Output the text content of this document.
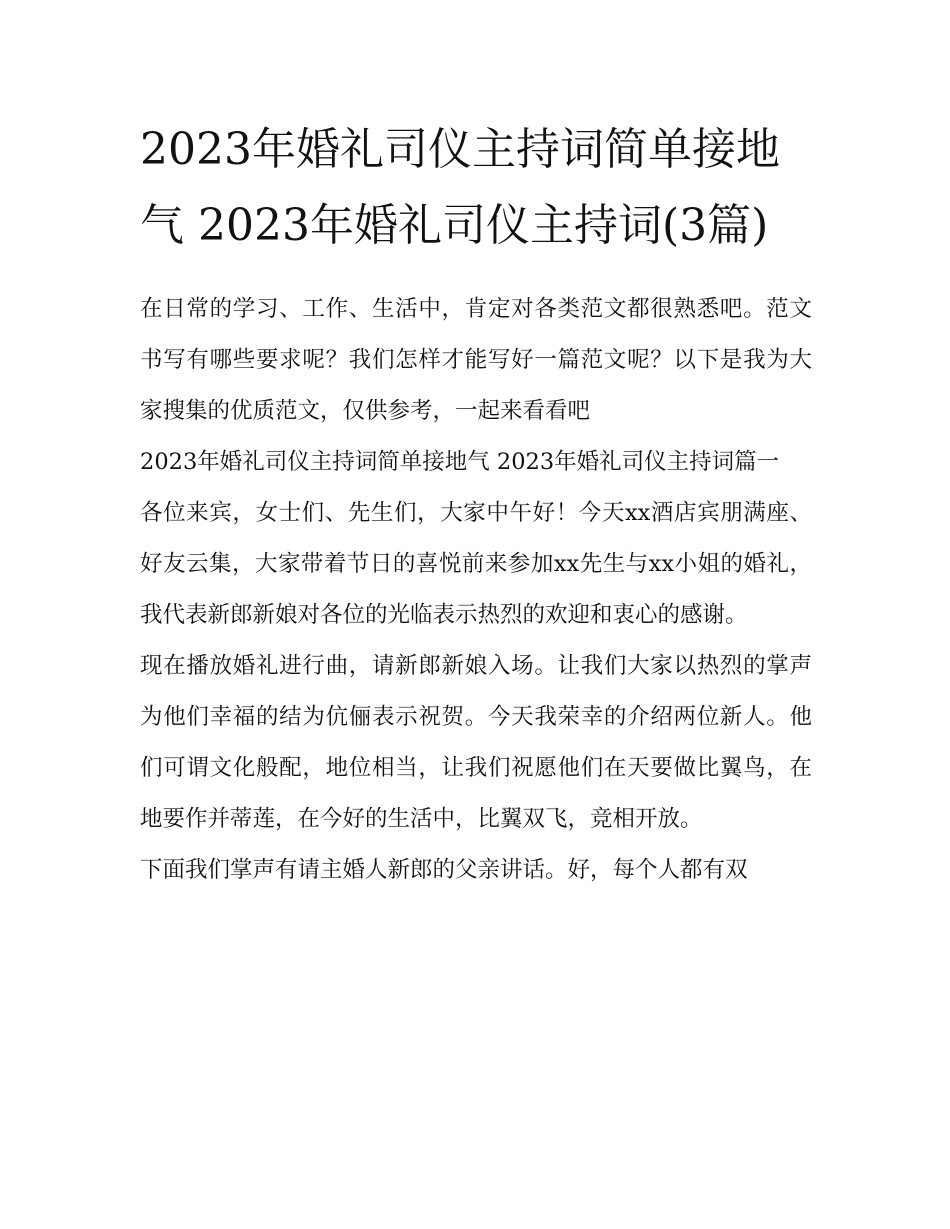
2023年婚礼司仪主持词简单接地气 2023年婚礼司仪主持词(3篇)

在日常的学习、工作、生活中，肯定对各类范文都很熟悉吧。范文书写有哪些要求呢？我们怎样才能写好一篇范文呢？以下是我为大家搜集的优质范文，仅供参考，一起来看看吧

2023年婚礼司仪主持词简单接地气 2023年婚礼司仪主持词篇一

各位来宾，女士们、先生们，大家中午好！今天xx酒店宾朋满座、好友云集，大家带着节日的喜悦前来参加xx先生与xx小姐的婚礼，我代表新郎新娘对各位的光临表示热烈的欢迎和衷心的感谢。

现在播放婚礼进行曲，请新郎新娘入场。让我们大家以热烈的掌声为他们幸福的结为伉俪表示祝贺。今天我荣幸的介绍两位新人。他们可谓文化般配，地位相当，让我们祝愿他们在天要做比翼鸟，在地要作并蒂莲，在今好的生活中，比翼双飞，竞相开放。

下面我们掌声有请主婚人新郎的父亲讲话。好，每个人都有双
